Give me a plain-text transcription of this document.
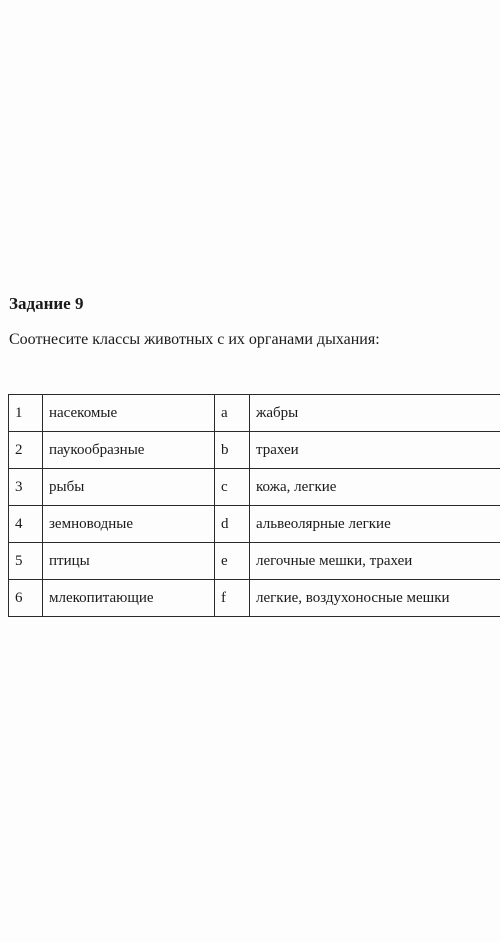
Задание 9

Соотнесите классы животных с их органами дыхания:

1	насекомые	a	жабры
2	паукообразные	b	трахеи
3	рыбы	c	кожа, легкие
4	земноводные	d	альвеолярные легкие
5	птицы	e	легочные мешки, трахеи
6	млекопитающие	f	легкие, воздухоносные мешки
